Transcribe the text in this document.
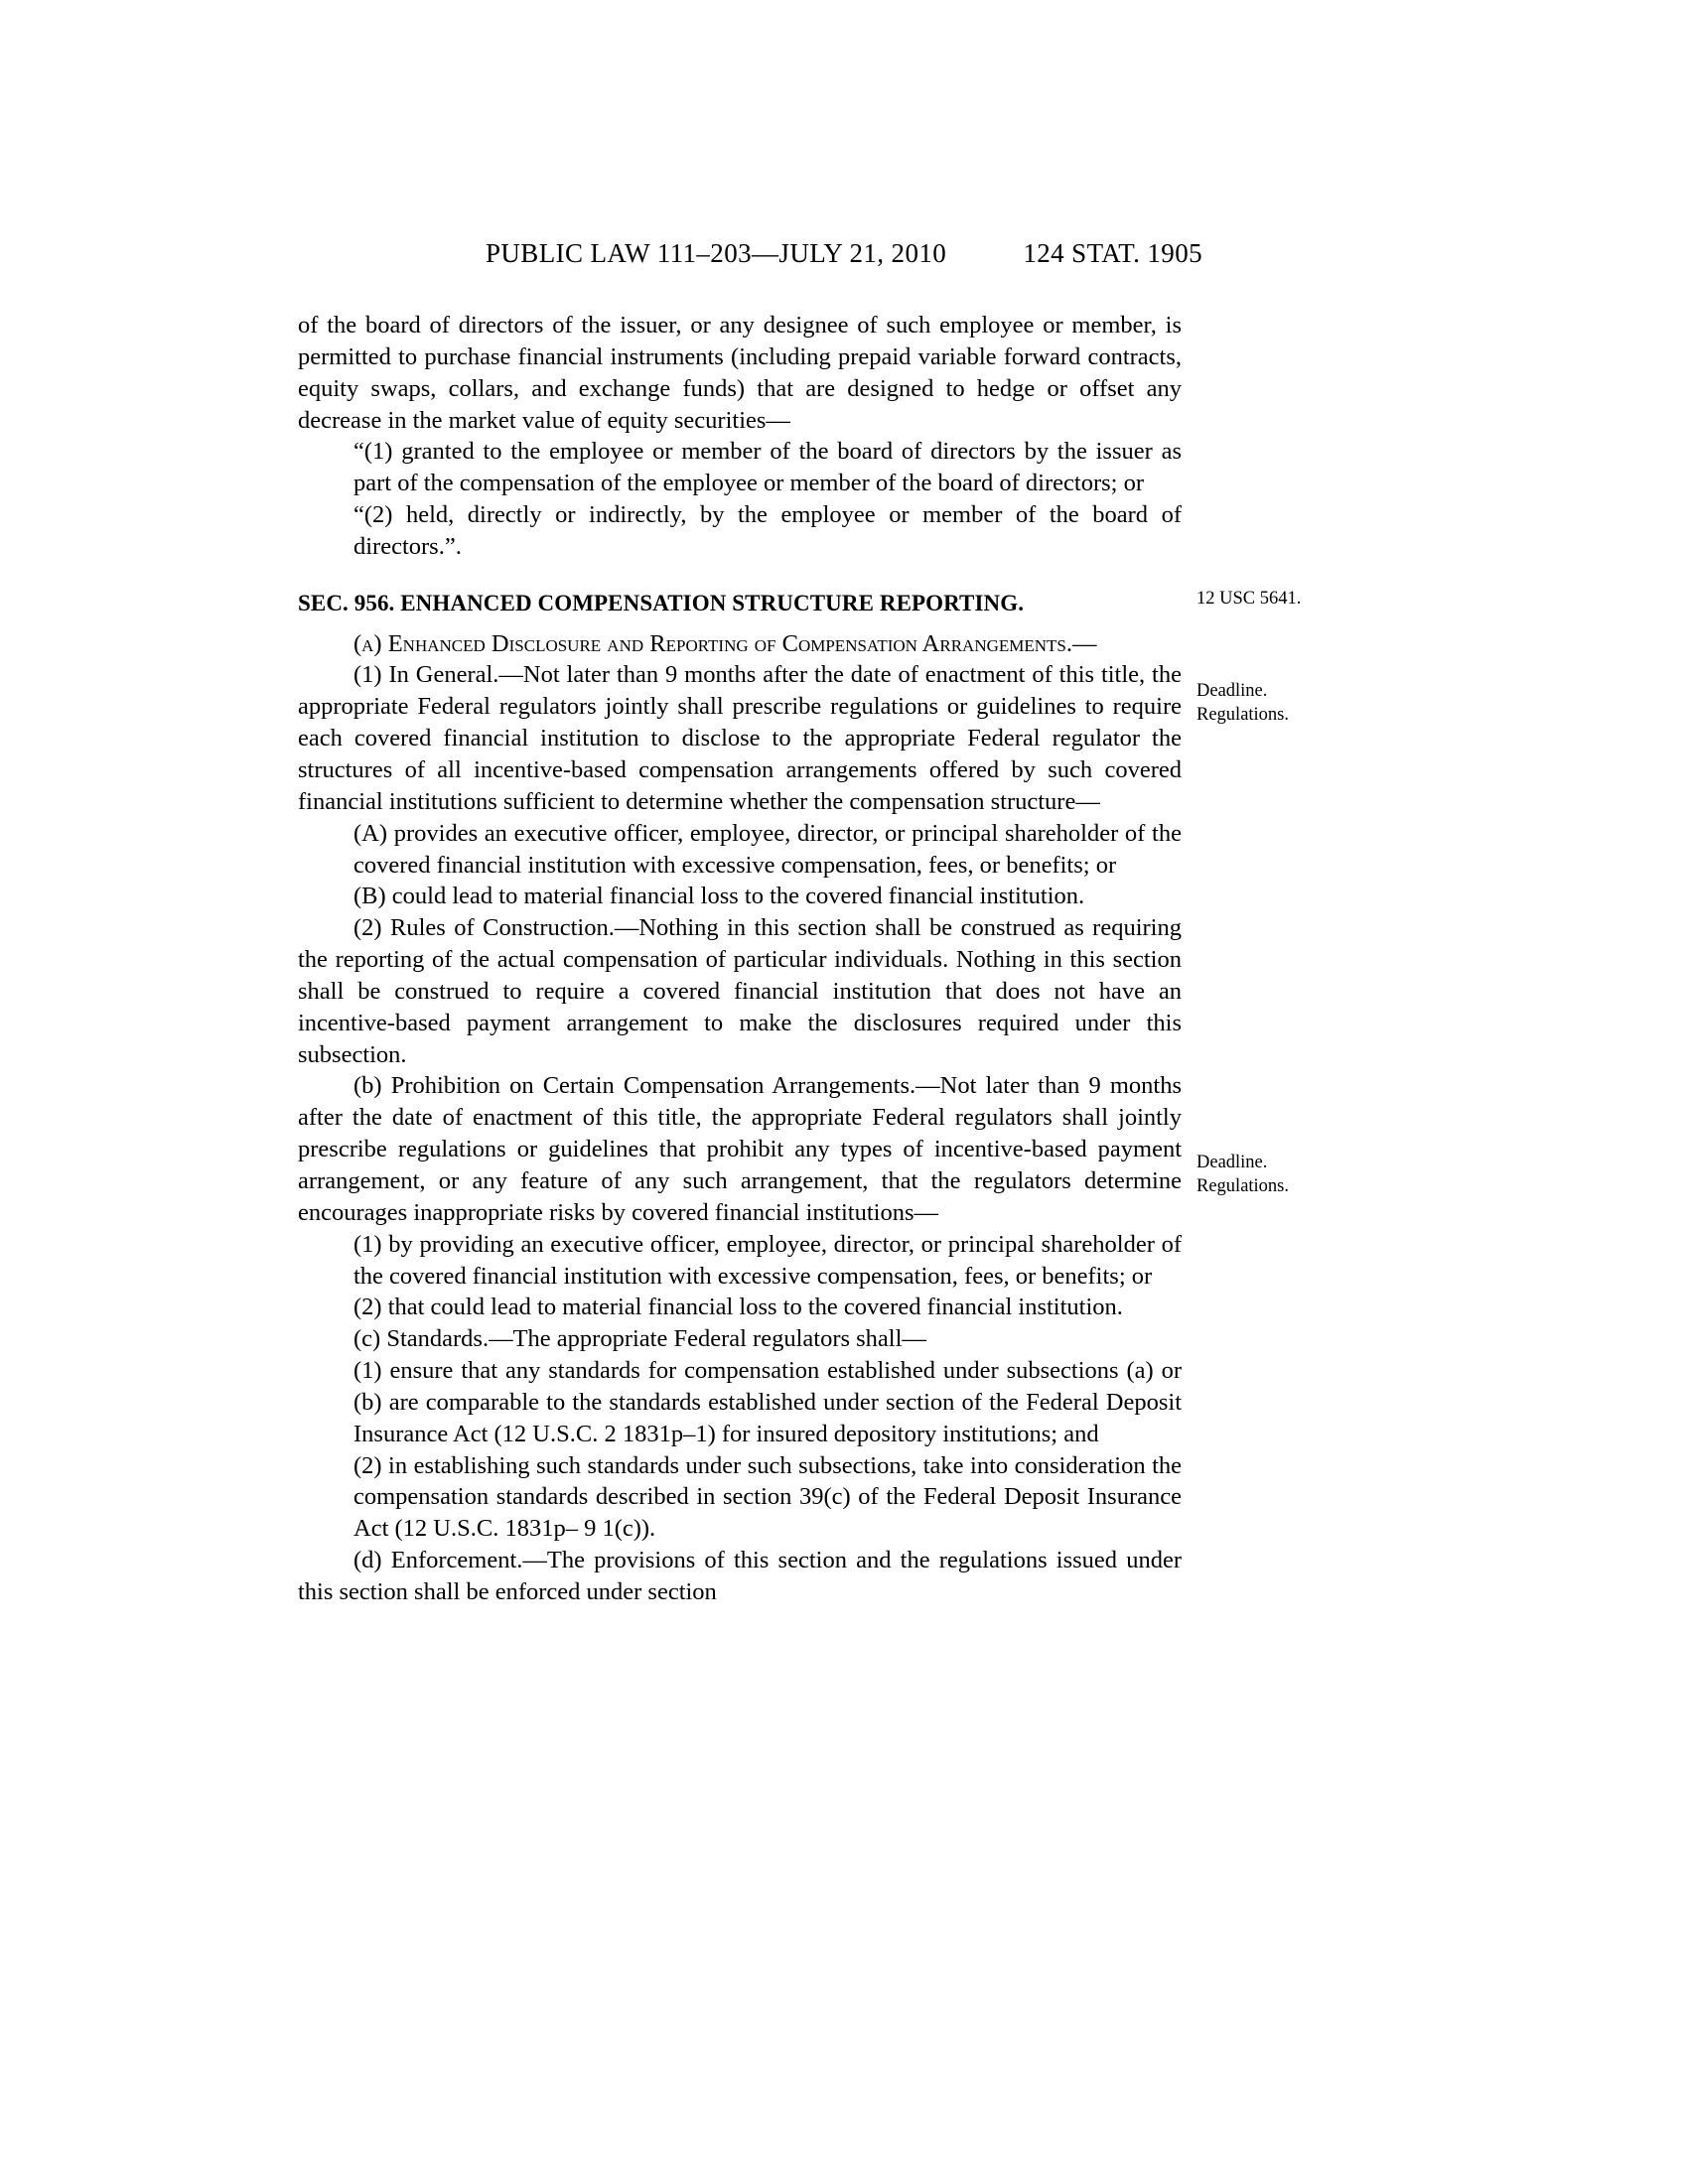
PUBLIC LAW 111–203—JULY 21, 2010	124 STAT. 1905

of the board of directors of the issuer, or any designee of such employee or member, is permitted to purchase financial instruments (including prepaid variable forward contracts, equity swaps, collars, and exchange funds) that are designed to hedge or offset any decrease in the market value of equity securities—

“(1) granted to the employee or member of the board of directors by the issuer as part of the compensation of the employee or member of the board of directors; or

“(2) held, directly or indirectly, by the employee or member of the board of directors.”.

SEC. 956. ENHANCED COMPENSATION STRUCTURE REPORTING.

(a) Enhanced Disclosure and Reporting of Compensation Arrangements.—

(1) In General.—Not later than 9 months after the date of enactment of this title, the appropriate Federal regulators jointly shall prescribe regulations or guidelines to require each covered financial institution to disclose to the appropriate Federal regulator the structures of all incentive-based compensation arrangements offered by such covered financial institutions sufficient to determine whether the compensation structure—

(A) provides an executive officer, employee, director, or principal shareholder of the covered financial institution with excessive compensation, fees, or benefits; or

(B) could lead to material financial loss to the covered financial institution.

(2) Rules of Construction.—Nothing in this section shall be construed as requiring the reporting of the actual compensation of particular individuals. Nothing in this section shall be construed to require a covered financial institution that does not have an incentive-based payment arrangement to make the disclosures required under this subsection.

(b) Prohibition on Certain Compensation Arrangements.—Not later than 9 months after the date of enactment of this title, the appropriate Federal regulators shall jointly prescribe regulations or guidelines that prohibit any types of incentive-based payment arrangement, or any feature of any such arrangement, that the regulators determine encourages inappropriate risks by covered financial institutions—

(1) by providing an executive officer, employee, director, or principal shareholder of the covered financial institution with excessive compensation, fees, or benefits; or

(2) that could lead to material financial loss to the covered financial institution.

(c) Standards.—The appropriate Federal regulators shall—

(1) ensure that any standards for compensation established under subsections (a) or (b) are comparable to the standards established under section of the Federal Deposit Insurance Act (12 U.S.C. 2 1831p–1) for insured depository institutions; and

(2) in establishing such standards under such subsections, take into consideration the compensation standards described in section 39(c) of the Federal Deposit Insurance Act (12 U.S.C. 1831p– 9 1(c)).

(d) Enforcement.—The provisions of this section and the regulations issued under this section shall be enforced under section

12 USC 5641.

Deadline.

Regulations.

Deadline.

Regulations.
